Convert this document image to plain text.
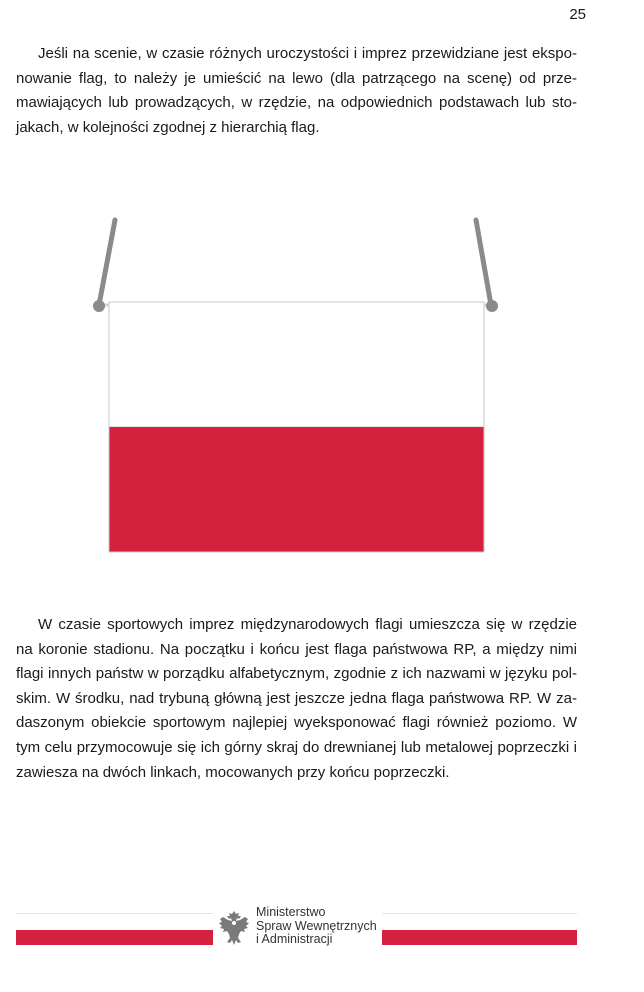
25

Jeśli na scenie, w czasie różnych uroczystości i imprez przewidziane jest ekspo- nowanie flag, to należy je umieścić na lewo (dla patrzącego na scenę) od prze- mawiających lub prowadzących, w rzędzie, na odpowiednich podstawach lub sto- jakach, w kolejności zgodnej z hierarchią flag.

W czasie sportowych imprez międzynarodowych flagi umieszcza się w rzędzie na koronie stadionu. Na początku i końcu jest flaga państwowa RP, a między nimi flagi innych państw w porządku alfabetycznym, zgodnie z ich nazwami w języku pol- skim. W środku, nad trybuną główną jest jeszcze jedna flaga państwowa RP. W za- daszonym obiekcie sportowym najlepiej wyeksponować flagi również poziomo. W tym celu przymocowuje się ich górny skraj do drewnianej lub metalowej poprzeczki i zawiesza na dwóch linkach, mocowanych przy końcu poprzeczki.

Ministerstwo
Spraw Wewnętrznych
i Administracji
